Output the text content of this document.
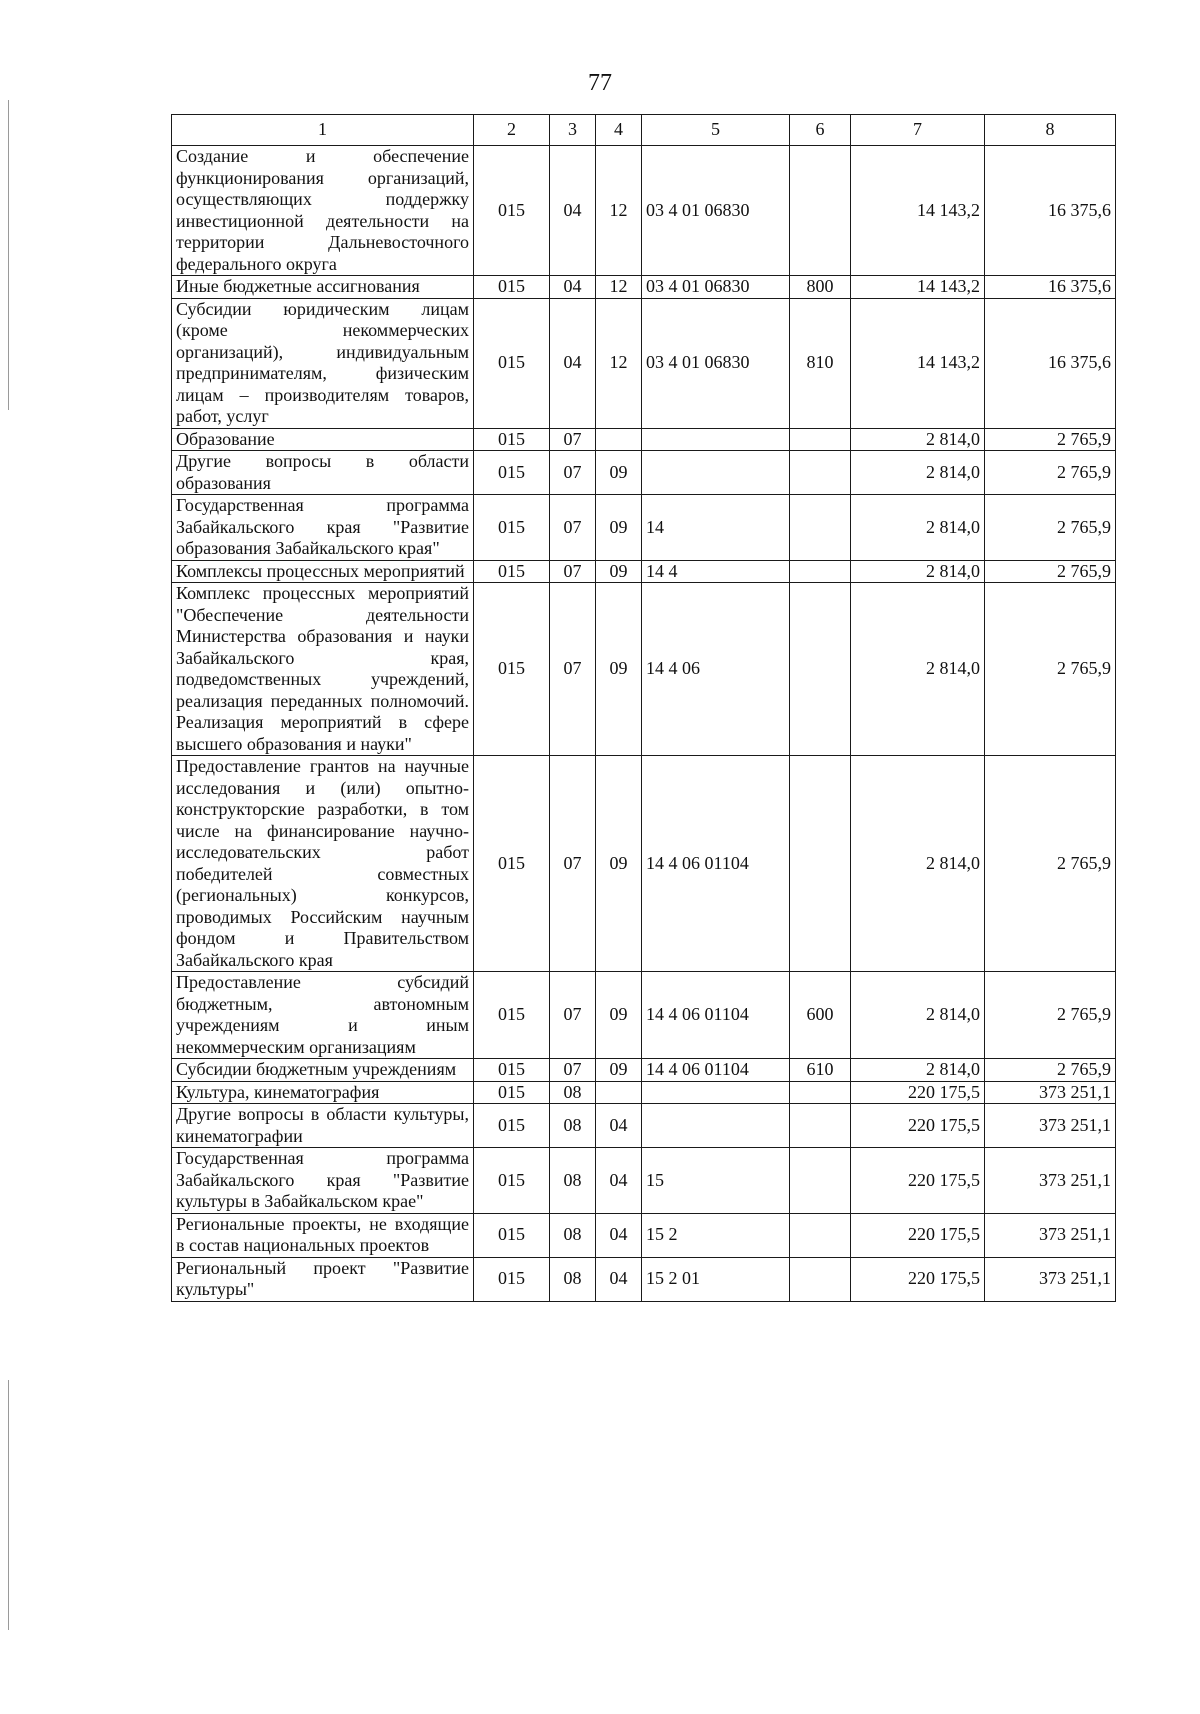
77
1	2	3	4	5	6	7	8
Создание и обеспечение функционирования организаций, осуществляющих поддержку инвестиционной деятельности на территории Дальневосточного федерального округа	015	04	12	03 4 01 06830		14 143,2	16 375,6
Иные бюджетные ассигнования	015	04	12	03 4 01 06830	800	14 143,2	16 375,6
Субсидии юридическим лицам (кроме некоммерческих организаций), индивидуальным предпринимателям, физическим лицам – производителям товаров, работ, услуг	015	04	12	03 4 01 06830	810	14 143,2	16 375,6
Образование	015	07				2 814,0	2 765,9
Другие вопросы в области образования	015	07	09			2 814,0	2 765,9
Государственная программа Забайкальского края "Развитие образования Забайкальского края"	015	07	09	14		2 814,0	2 765,9
Комплексы процессных мероприятий	015	07	09	14 4		2 814,0	2 765,9
Комплекс процессных мероприятий "Обеспечение деятельности Министерства образования и науки Забайкальского края, подведомственных учреждений, реализация переданных полномочий. Реализация мероприятий в сфере высшего образования и науки"	015	07	09	14 4 06		2 814,0	2 765,9
Предоставление грантов на научные исследования и (или) опытно-конструкторские разработки, в том числе на финансирование научно-исследовательских работ победителей совместных (региональных) конкурсов, проводимых Российским научным фондом и Правительством Забайкальского края	015	07	09	14 4 06 01104		2 814,0	2 765,9
Предоставление субсидий бюджетным, автономным учреждениям и иным некоммерческим организациям	015	07	09	14 4 06 01104	600	2 814,0	2 765,9
Субсидии бюджетным учреждениям	015	07	09	14 4 06 01104	610	2 814,0	2 765,9
Культура, кинематография	015	08				220 175,5	373 251,1
Другие вопросы в области культуры, кинематографии	015	08	04			220 175,5	373 251,1
Государственная программа Забайкальского края "Развитие культуры в Забайкальском крае"	015	08	04	15		220 175,5	373 251,1
Региональные проекты, не входящие в состав национальных проектов	015	08	04	15 2		220 175,5	373 251,1
Региональный проект "Развитие культуры"	015	08	04	15 2 01		220 175,5	373 251,1
